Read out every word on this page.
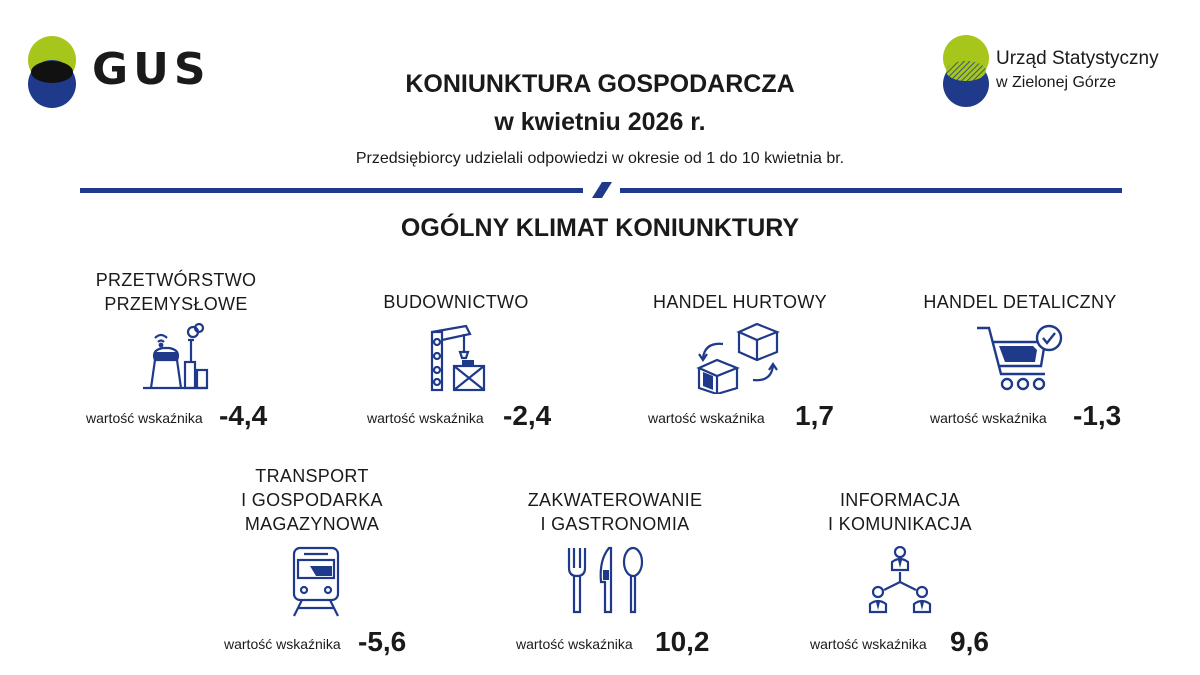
GUS	Urząd Statystyczny
w Zielonej Górze
KONIUNKTURA GOSPODARCZA
w kwietniu 2026 r.
Przedsiębiorcy udzielali odpowiedzi w okresie od 1 do 10 kwietnia br.
OGÓLNY KLIMAT KONIUNKTURY
PRZETWÓRSTWO
PRZEMYSŁOWE
wartość wskaźnika -4,4
BUDOWNICTWO
wartość wskaźnika -2,4
HANDEL HURTOWY
wartość wskaźnika 1,7
HANDEL DETALICZNY
wartość wskaźnika -1,3
TRANSPORT
I GOSPODARKA
MAGAZYNOWA
wartość wskaźnika -5,6
ZAKWATEROWANIE
I GASTRONOMIA
wartość wskaźnika 10,2
INFORMACJA
I KOMUNIKACJA
wartość wskaźnika 9,6
